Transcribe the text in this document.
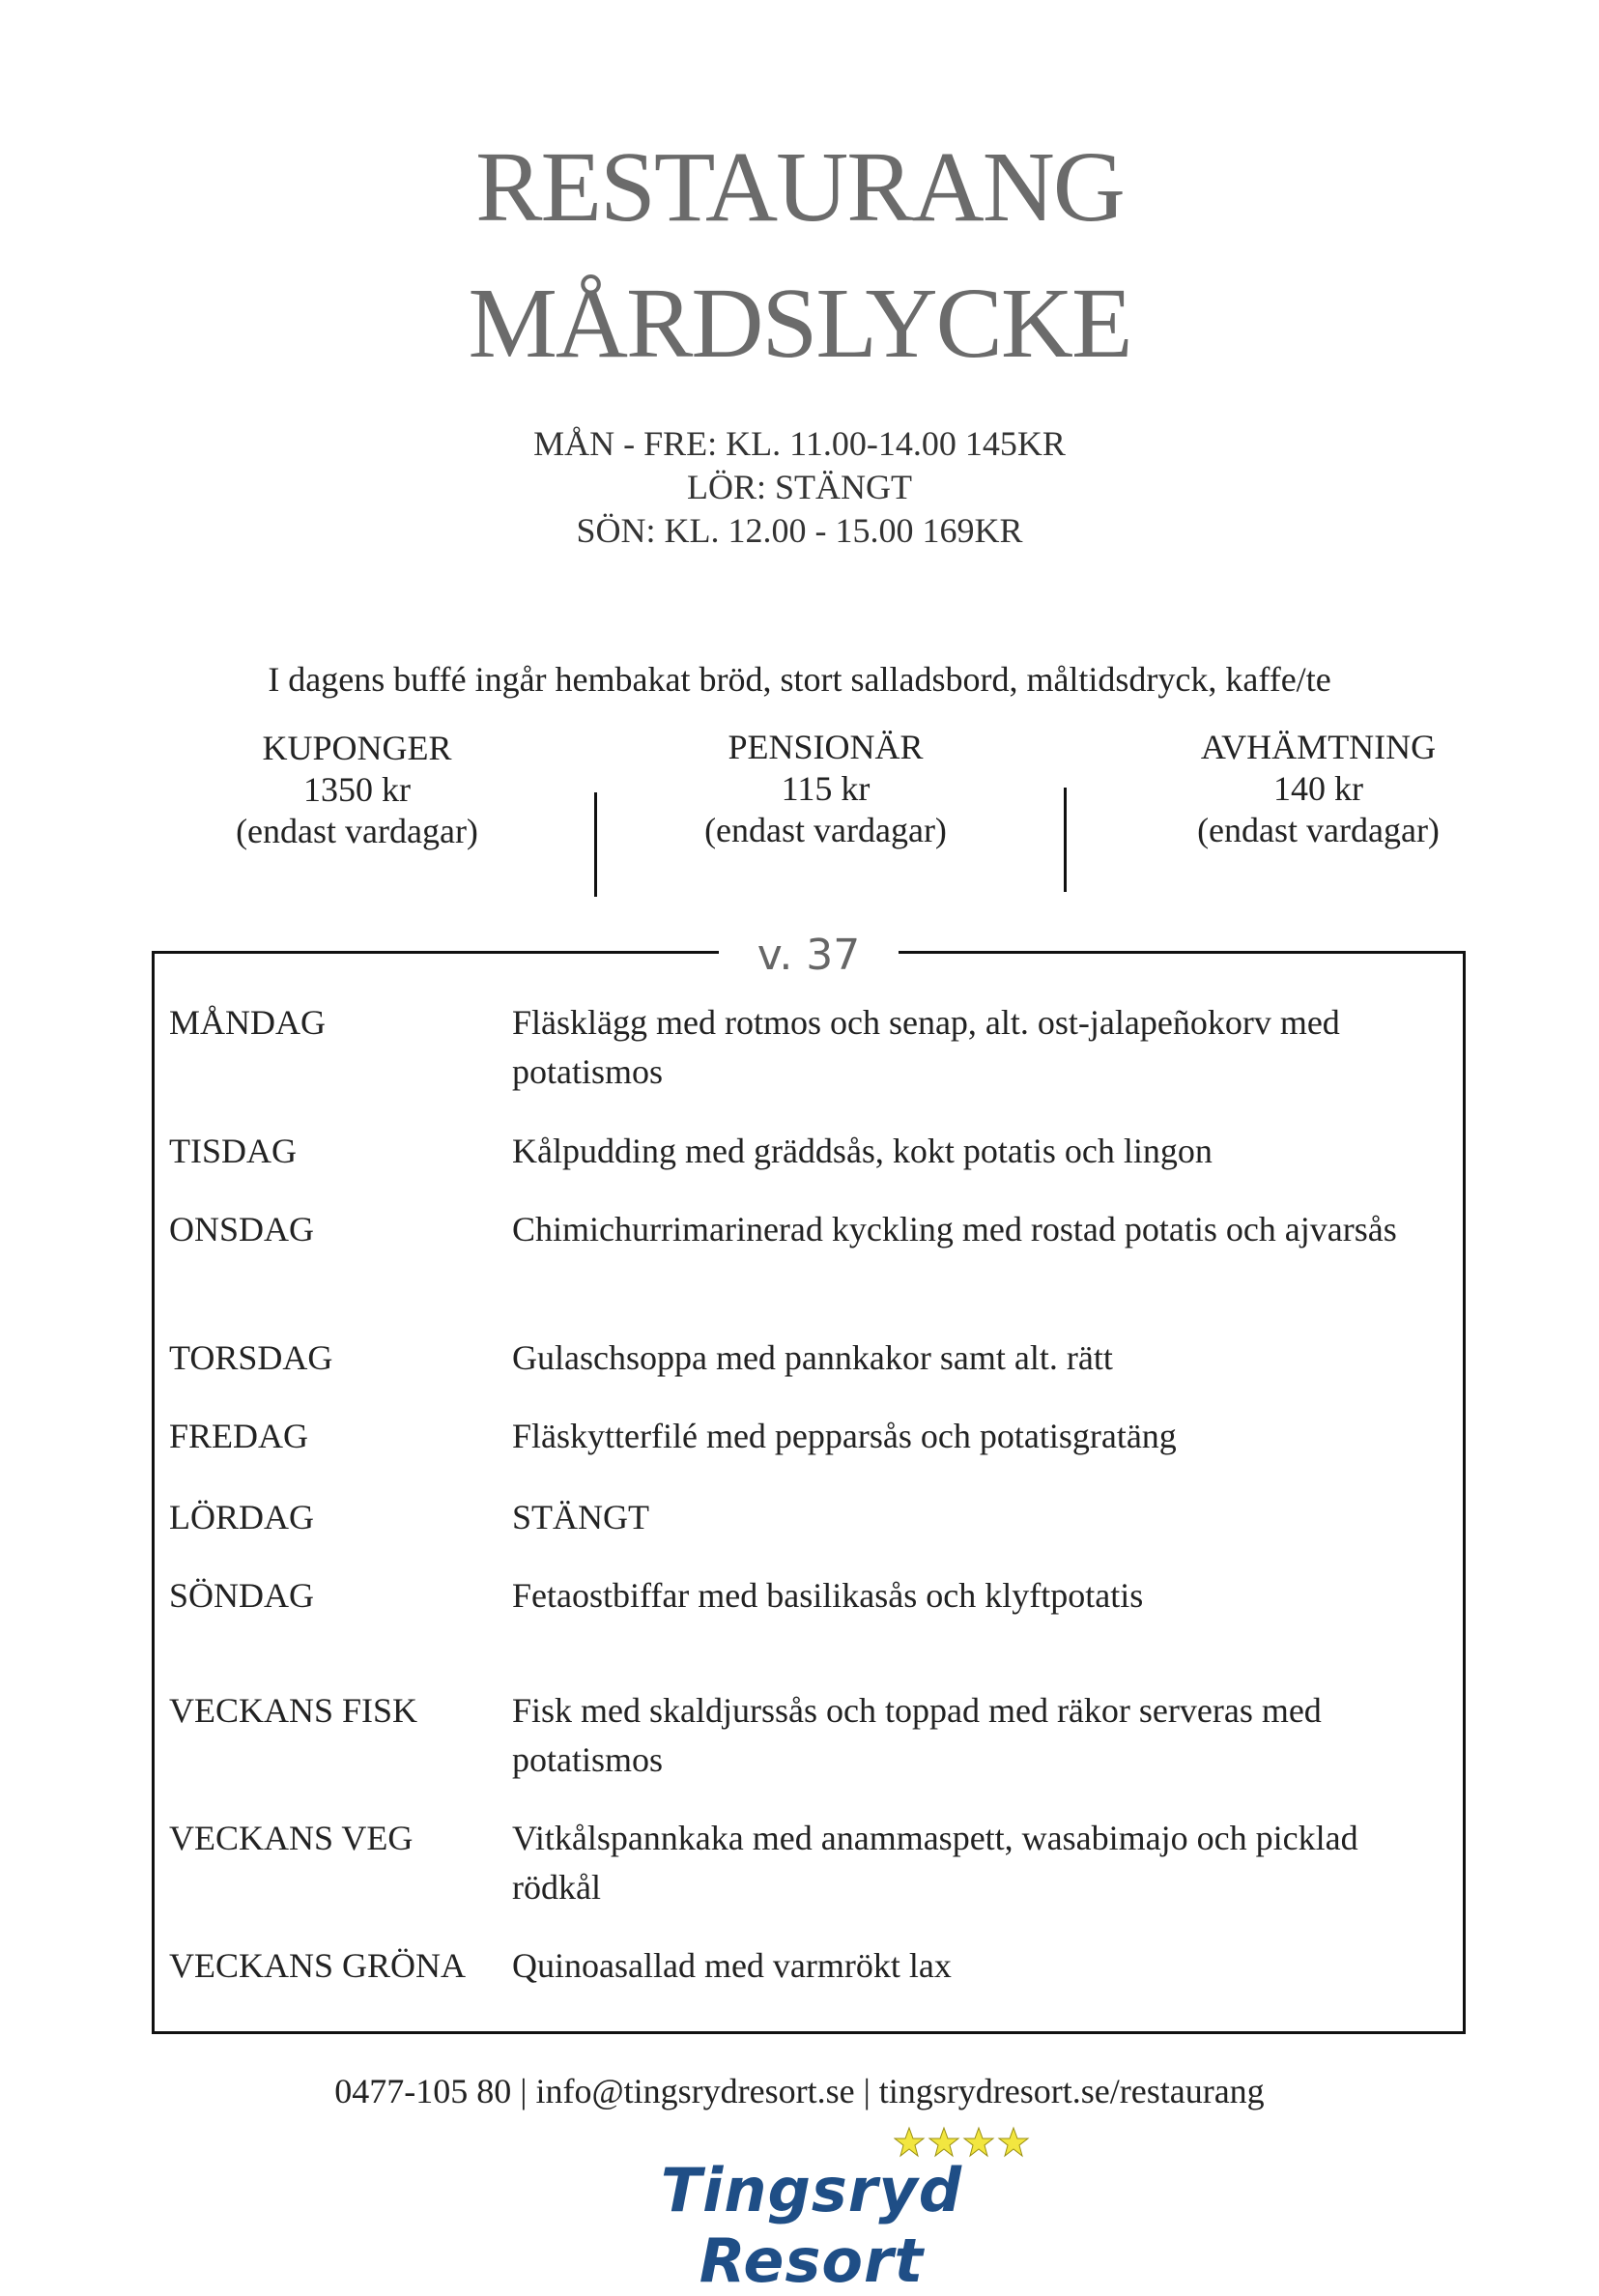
RESTAURANG
MÅRDSLYCKE
MÅN - FRE: KL. 11.00-14.00 145KR
LÖR: STÄNGT
SÖN: KL. 12.00 - 15.00 169KR
I dagens buffé ingår hembakat bröd, stort salladsbord, måltidsdryck, kaffe/te
KUPONGER
1350 kr
(endast vardagar)
PENSIONÄR
115 kr
(endast vardagar)
AVHÄMTNING
140 kr
(endast vardagar)
v. 37
MÅNDAG	Fläsklägg med rotmos och senap, alt. ost-jalapeñokorv med potatismos
TISDAG	Kålpudding med gräddsås, kokt potatis och lingon
ONSDAG	Chimichurrimarinerad kyckling med rostad potatis och ajvarsås
TORSDAG	Gulaschsoppa med pannkakor samt alt. rätt
FREDAG	Fläskytterfilé med pepparsås och potatisgratäng
LÖRDAG	STÄNGT
SÖNDAG	Fetaostbiffar med basilikasås och klyftpotatis
VECKANS FISK	Fisk med skaldjurssås och toppad med räkor serveras med potatismos
VECKANS VEG	Vitkålspannkaka med anammaspett, wasabimajo och picklad rödkål
VECKANS GRÖNA Quinoasallad med varmrökt lax
0477-105 80 | info@tingsrydresort.se | tingsrydresort.se/restaurang
Tingsryd Resort
